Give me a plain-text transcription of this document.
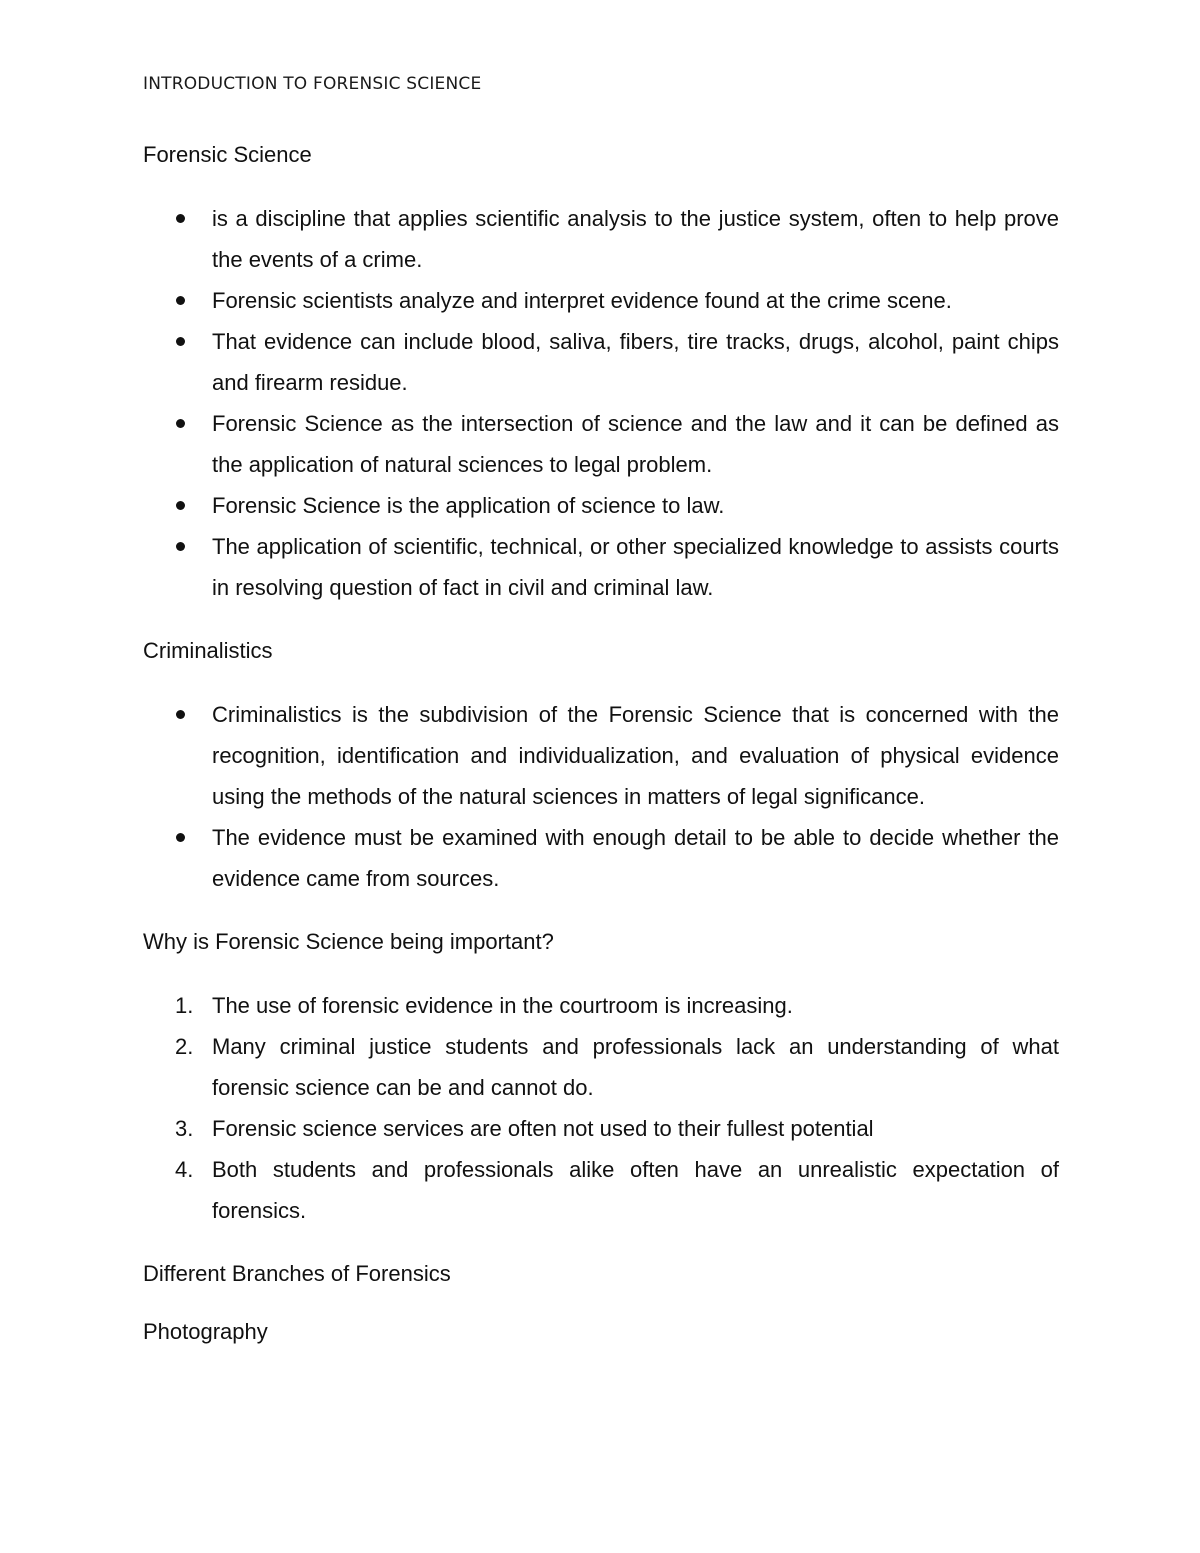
INTRODUCTION TO FORENSIC SCIENCE
Forensic Science
is a discipline that applies scientific analysis to the justice system, often to help prove the events of a crime.
Forensic scientists analyze and interpret evidence found at the crime scene.
That evidence can include blood, saliva, fibers, tire tracks, drugs, alcohol, paint chips and firearm residue.
Forensic Science as the intersection of science and the law and it can be defined as the application of natural sciences to legal problem.
Forensic Science is the application of science to law.
The application of scientific, technical, or other specialized knowledge to assists courts in resolving question of fact in civil and criminal law.
Criminalistics
Criminalistics is the subdivision of the Forensic Science that is concerned with the recognition, identification and individualization, and evaluation of physical evidence using the methods of the natural sciences in matters of legal significance.
The evidence must be examined with enough detail to be able to decide whether the evidence came from sources.
Why is Forensic Science being important?
1. The use of forensic evidence in the courtroom is increasing.
2. Many criminal justice students and professionals lack an understanding of what forensic science can be and cannot do.
3. Forensic science services are often not used to their fullest potential
4. Both students and professionals alike often have an unrealistic expectation of forensics.
Different Branches of Forensics
Photography
